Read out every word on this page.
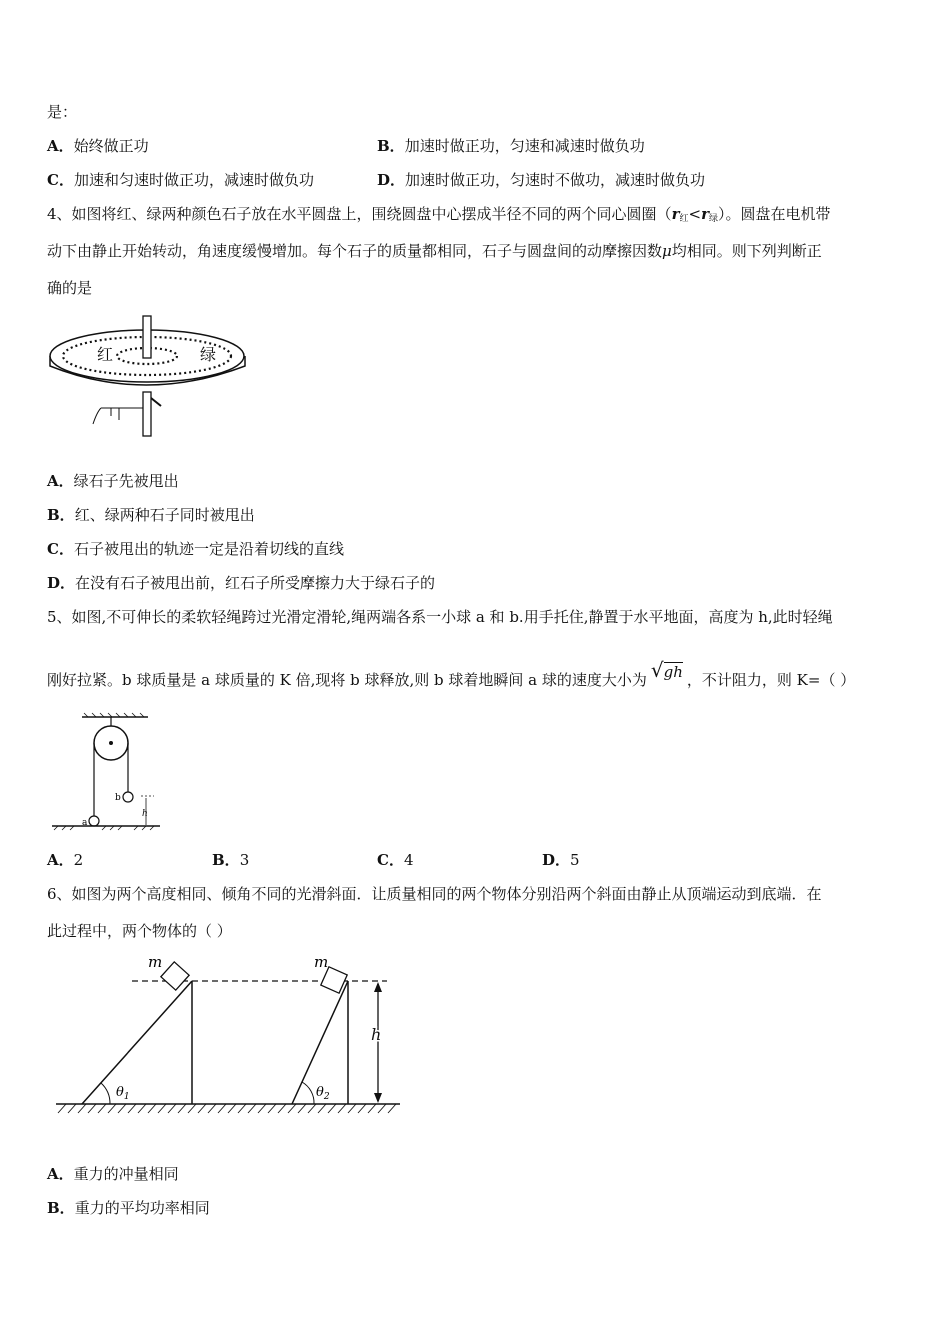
是：
A．始终做正功	B．加速时做正功，匀速和减速时做负功
C．加速和匀速时做正功，减速时做负功	D．加速时做正功，匀速时不做功，减速时做负功
4、如图将红、绿两种颜色石子放在水平圆盘上，围绕圆盘中心摆成半径不同的两个同心圆圈$(r_红<r_绿)$。圆盘在电机带
动下由静止开始转动，角速度缓慢增加。每个石子的质量都相同，石子与圆盘间的动摩擦因数μ均相同。则下列判断正
确的是
红	绿
A．绿石子先被甩出
B．红、绿两种石子同时被甩出
C．石子被甩出的轨迹一定是沿着切线的直线
D．在没有石子被甩出前，红石子所受摩擦力大于绿石子的
5、如图,不可伸长的柔软轻绳跨过光滑定滑轮,绳两端各系一小球 a 和 b.用手托住,静置于水平地面，高度为 h,此时轻绳
刚好拉紧。b 球质量是 a 球质量的 K 倍,现将 b 球释放,则 b 球着地瞬间 a 球的速度大小为 √gh ，不计阻力，则 K=（ ）
b
a
h
A．2	B．3	C．4	D．5
6、如图为两个高度相同、倾角不同的光滑斜面．让质量相同的两个物体分别沿两个斜面由静止从顶端运动到底端．在
此过程中，两个物体的（ ）
m
$\theta_1$
m
$\theta_2$
h
A．重力的冲量相同
B．重力的平均功率相同
